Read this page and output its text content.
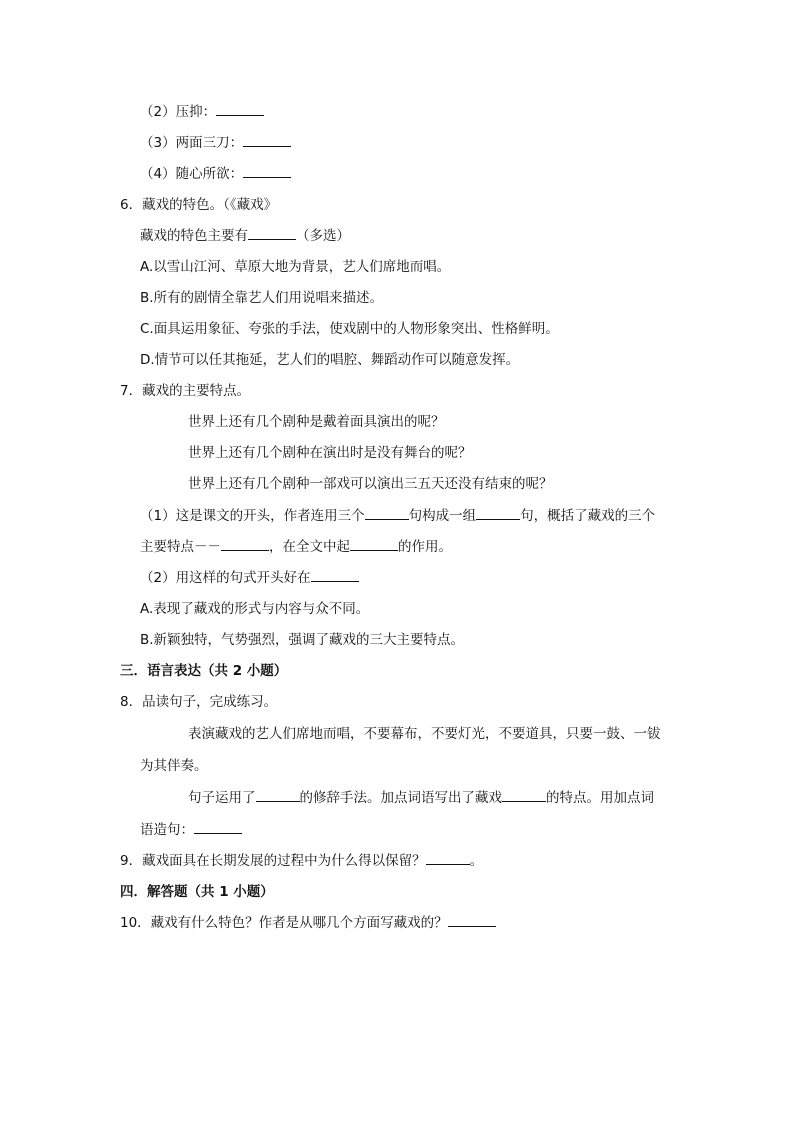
（2）压抑：
（3）两面三刀：
（4）随心所欲：
6．藏戏的特色。（《藏戏》
藏戏的特色主要有	（多选）
A.以雪山江河、草原大地为背景，艺人们席地而唱。
B.所有的剧情全靠艺人们用说唱来描述。
C.面具运用象征、夸张的手法，使戏剧中的人物形象突出、性格鲜明。
D.情节可以任其拖延，艺人们的唱腔、舞蹈动作可以随意发挥。
7．藏戏的主要特点。
世界上还有几个剧种是戴着面具演出的呢？
世界上还有几个剧种在演出时是没有舞台的呢？
世界上还有几个剧种一部戏可以演出三五天还没有结束的呢？
（1）这是课文的开头，作者连用三个	句构成一组	句，概括了藏戏的三个
主要特点－－	，在全文中起	的作用。
（2）用这样的句式开头好在
A.表现了藏戏的形式与内容与众不同。
B.新颖独特，气势强烈，强调了藏戏的三大主要特点。
三．语言表达（共 2 小题）
8．品读句子，完成练习。
表演藏戏的艺人们席地而唱，不要幕布，不要灯光，不要道具，只要一鼓、一钹
为其伴奏。
句子运用了	的修辞手法。加点词语写出了藏戏	的特点。用加点词
语造句：
9．藏戏面具在长期发展的过程中为什么得以保留？	。
四．解答题（共 1 小题）
10．藏戏有什么特色？作者是从哪几个方面写藏戏的？
